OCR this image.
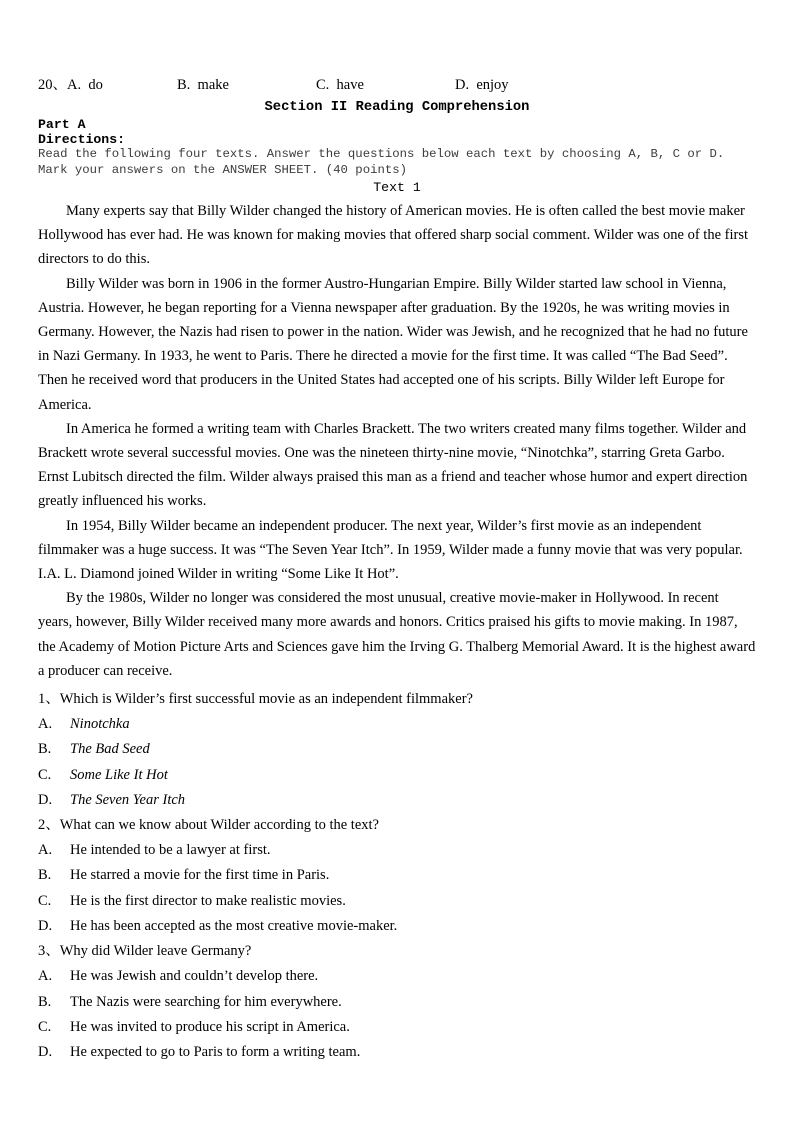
20、A.  do	B.  make	C.  have	D.  enjoy
Section II Reading Comprehension
Part A
Directions:
Read the following four texts. Answer the questions below each text by choosing A, B, C or D. Mark your answers on the ANSWER SHEET. (40 points)
Text 1
Many experts say that Billy Wilder changed the history of American movies. He is often called the best movie maker Hollywood has ever had. He was known for making movies that offered sharp social comment. Wilder was one of the first directors to do this.
Billy Wilder was born in 1906 in the former Austro-Hungarian Empire. Billy Wilder started law school in Vienna, Austria. However, he began reporting for a Vienna newspaper after graduation. By the 1920s, he was writing movies in Germany. However, the Nazis had risen to power in the nation. Wider was Jewish, and he recognized that he had no future in Nazi Germany. In 1933, he went to Paris. There he directed a movie for the first time. It was called “The Bad Seed”. Then he received word that producers in the United States had accepted one of his scripts. Billy Wilder left Europe for America.
In America he formed a writing team with Charles Brackett. The two writers created many films together. Wilder and Brackett wrote several successful movies. One was the nineteen thirty-nine movie, “Ninotchka”, starring Greta Garbo. Ernst Lubitsch directed the film. Wilder always praised this man as a friend and teacher whose humor and expert direction greatly influenced his works.
In 1954, Billy Wilder became an independent producer. The next year, Wilder’s first movie as an independent filmmaker was a huge success. It was “The Seven Year Itch”. In 1959, Wilder made a funny movie that was very popular. I.A. L. Diamond joined Wilder in writing “Some Like It Hot”.
By the 1980s, Wilder no longer was considered the most unusual, creative movie-maker in Hollywood. In recent years, however, Billy Wilder received many more awards and honors. Critics praised his gifts to movie making. In 1987, the Academy of Motion Picture Arts and Sciences gave him the Irving G. Thalberg Memorial Award. It is the highest award a producer can receive.
1、Which is Wilder’s first successful movie as an independent filmmaker?
A. Ninotchka
B. The Bad Seed
C. Some Like It Hot
D. The Seven Year Itch
2、What can we know about Wilder according to the text?
A. He intended to be a lawyer at first.
B. He starred a movie for the first time in Paris.
C. He is the first director to make realistic movies.
D. He has been accepted as the most creative movie-maker.
3、Why did Wilder leave Germany?
A. He was Jewish and couldn’t develop there.
B. The Nazis were searching for him everywhere.
C. He was invited to produce his script in America.
D. He expected to go to Paris to form a writing team.
